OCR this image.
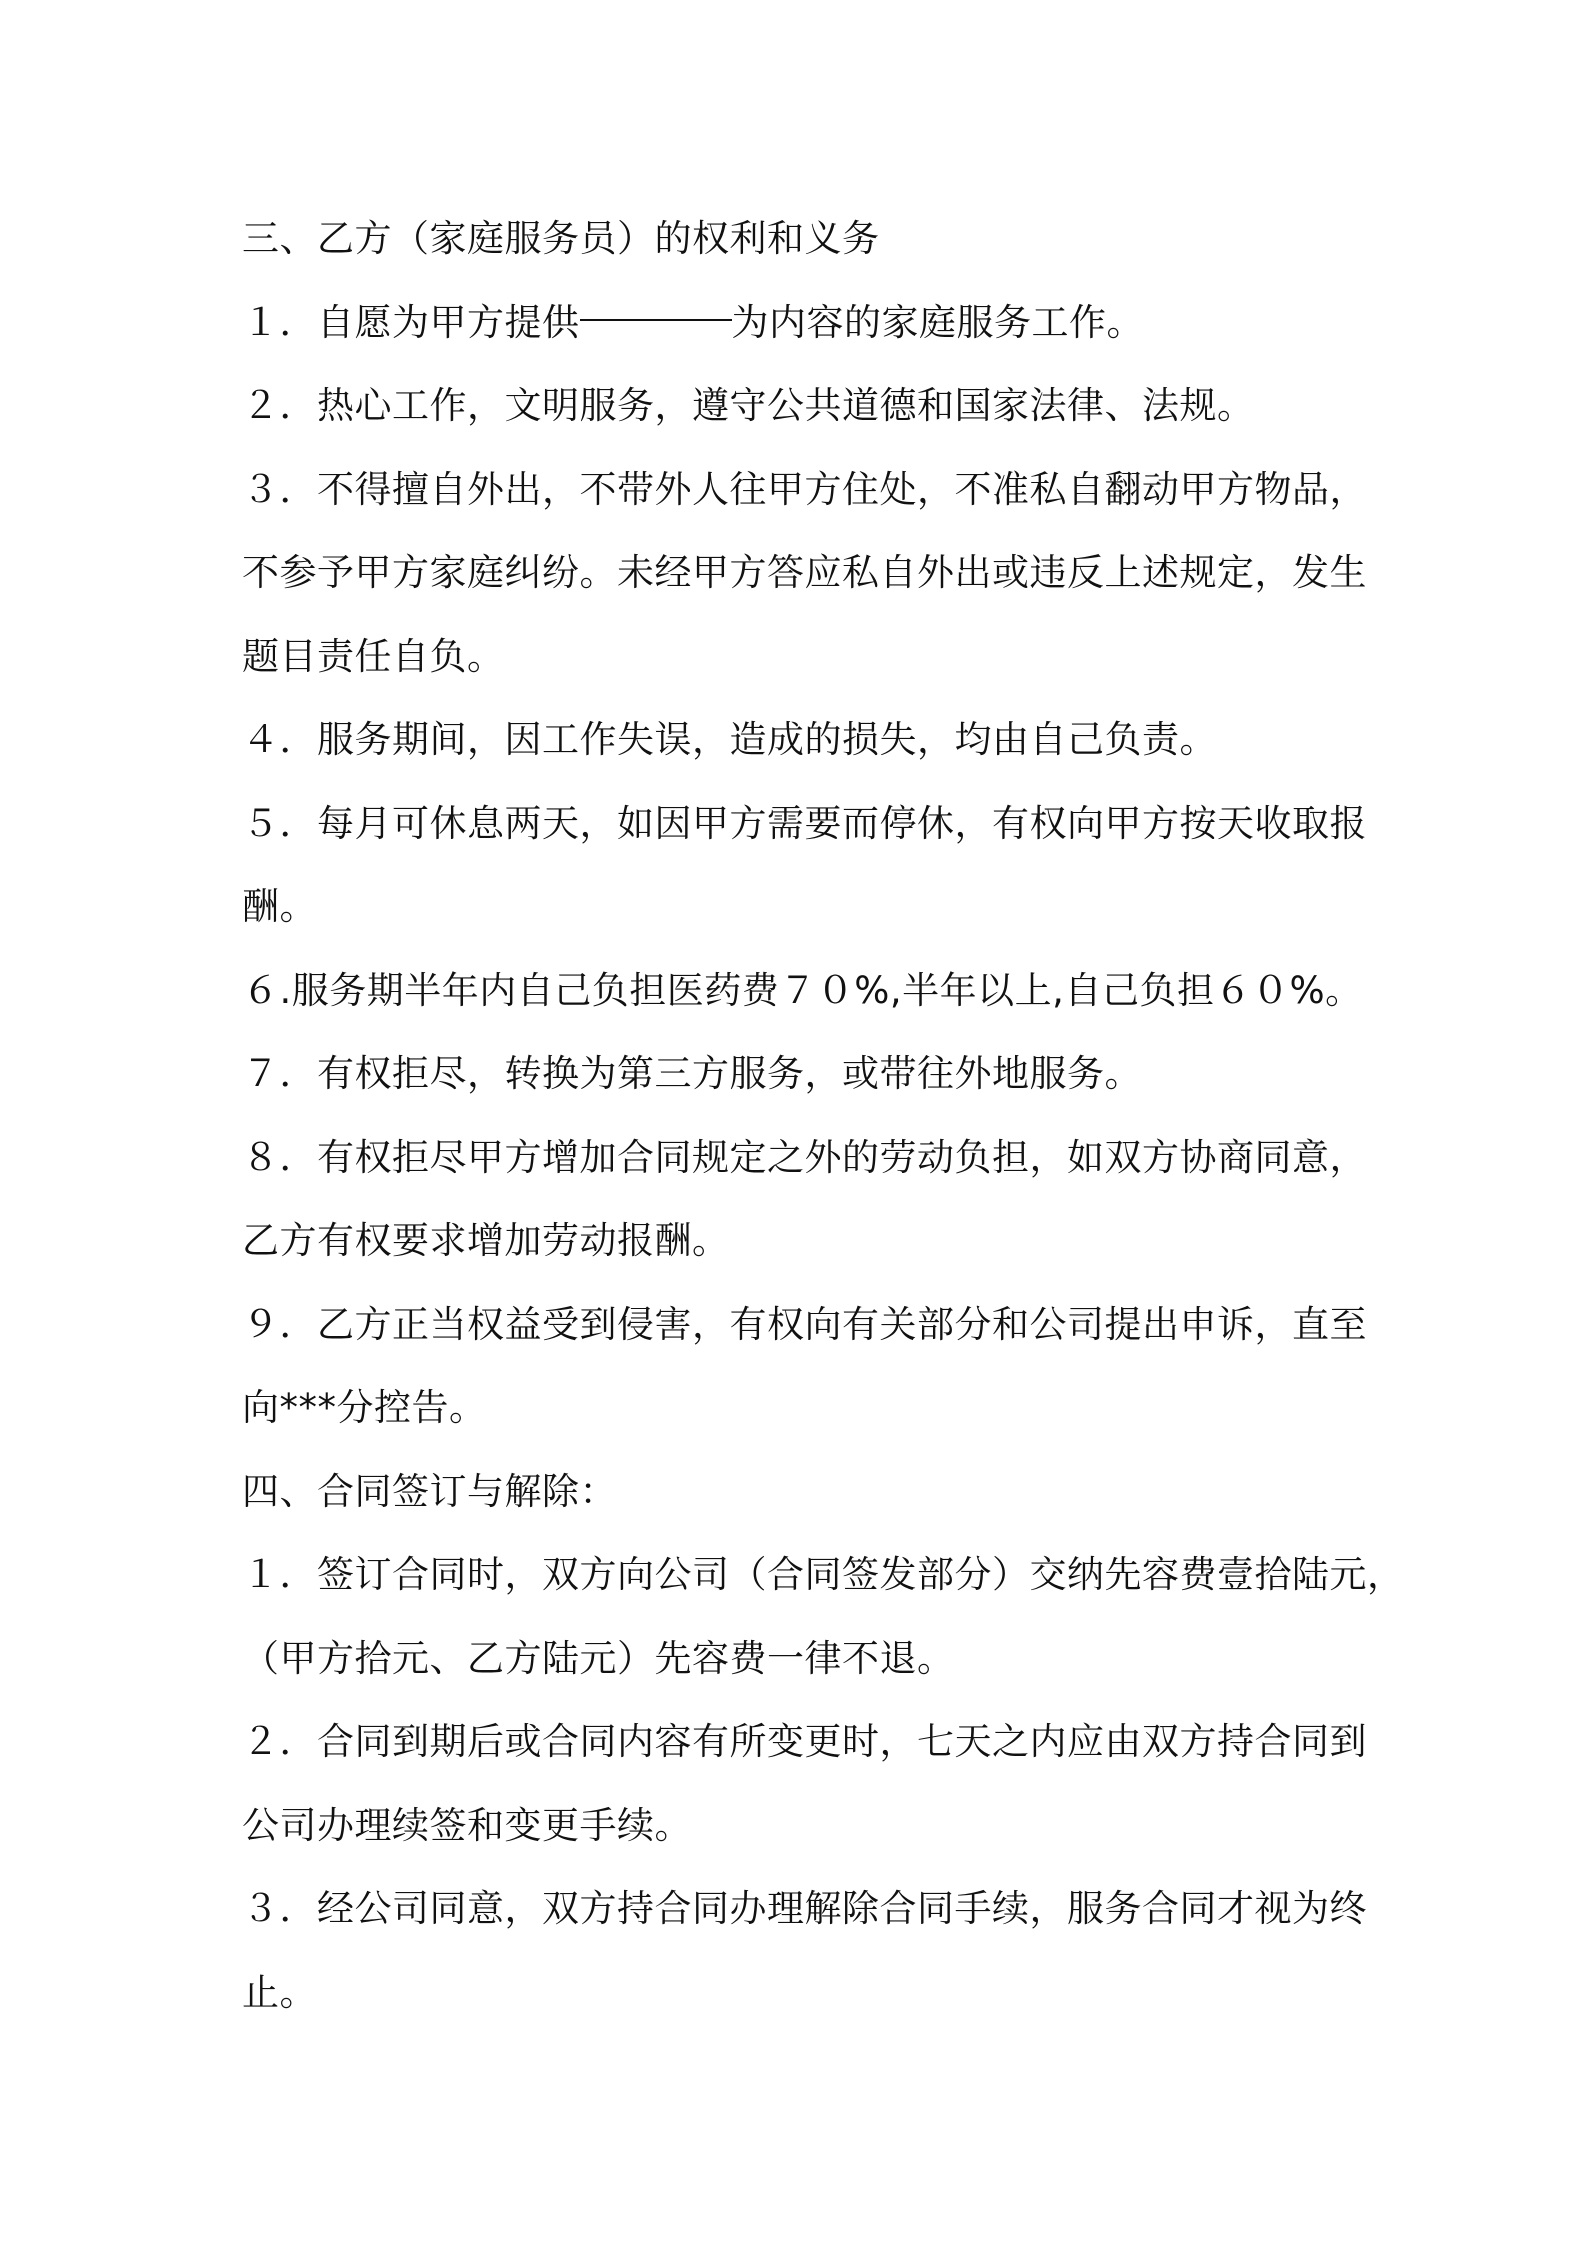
三、乙方（家庭服务员）的权利和义务
１．自愿为甲方提供	为内容的家庭服务工作。
２．热心工作，文明服务，遵守公共道德和国家法律、法规。
３．不得擅自外出，不带外人往甲方住处，不准私自翻动甲方物品，
不参予甲方家庭纠纷。未经甲方答应私自外出或违反上述规定，发生
题目责任自负。
４．服务期间，因工作失误，造成的损失，均由自己负责。
５．每月可休息两天，如因甲方需要而停休，有权向甲方按天收取报
酬。
６.服务期半年内自己负担医药费７０%,半年以上,自己负担６０%。
７．有权拒尽，转换为第三方服务，或带往外地服务。
８．有权拒尽甲方增加合同规定之外的劳动负担，如双方协商同意，
乙方有权要求增加劳动报酬。
９．乙方正当权益受到侵害，有权向有关部分和公司提出申诉，直至
向***分控告。
四、合同签订与解除：
１．签订合同时，双方向公司（合同签发部分）交纳先容费壹拾陆元，
（甲方拾元、乙方陆元）先容费一律不退。
２．合同到期后或合同内容有所变更时，七天之内应由双方持合同到
公司办理续签和变更手续。
３．经公司同意，双方持合同办理解除合同手续，服务合同才视为终
止。
